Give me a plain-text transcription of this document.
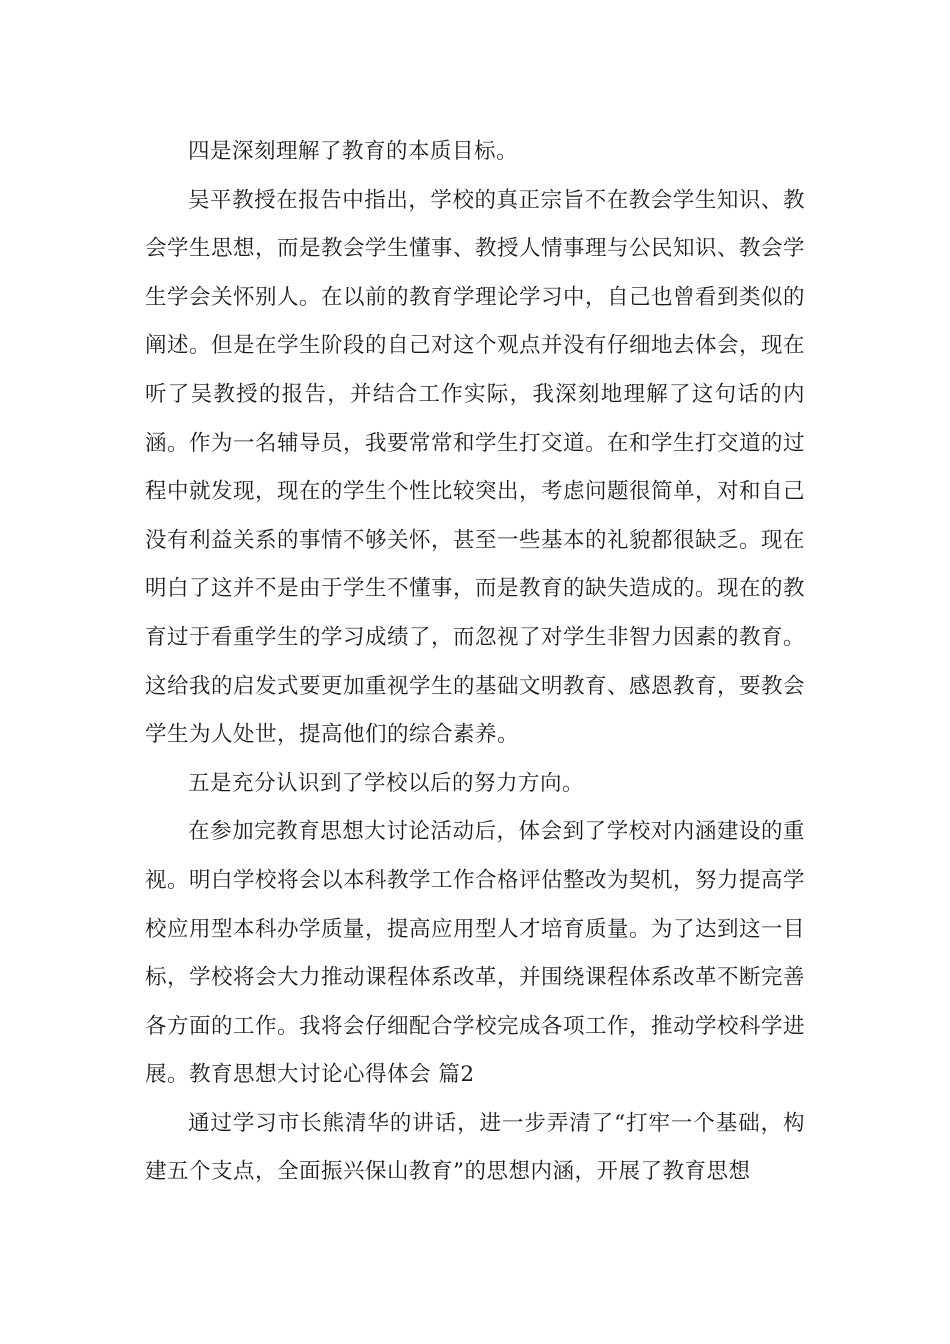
四是深刻理解了教育的本质目标。

吴平教授在报告中指出，学校的真正宗旨不在教会学生知识、教会学生思想，而是教会学生懂事、教授人情事理与公民知识、教会学生学会关怀别人。在以前的教育学理论学习中，自己也曾看到类似的阐述。但是在学生阶段的自己对这个观点并没有仔细地去体会，现在听了吴教授的报告，并结合工作实际，我深刻地理解了这句话的内涵。作为一名辅导员，我要常常和学生打交道。在和学生打交道的过程中就发现，现在的学生个性比较突出，考虑问题很简单，对和自己没有利益关系的事情不够关怀，甚至一些基本的礼貌都很缺乏。现在明白了这并不是由于学生不懂事，而是教育的缺失造成的。现在的教育过于看重学生的学习成绩了，而忽视了对学生非智力因素的教育。这给我的启发式要更加重视学生的基础文明教育、感恩教育，要教会学生为人处世，提高他们的综合素养。

五是充分认识到了学校以后的努力方向。

在参加完教育思想大讨论活动后，体会到了学校对内涵建设的重视。明白学校将会以本科教学工作合格评估整改为契机，努力提高学校应用型本科办学质量，提高应用型人才培育质量。为了达到这一目标，学校将会大力推动课程体系改革，并围绕课程体系改革不断完善各方面的工作。我将会仔细配合学校完成各项工作，推动学校科学进展。教育思想大讨论心得体会 篇2

通过学习市长熊清华的讲话，进一步弄清了“打牢一个基础，构建五个支点，全面振兴保山教育”的思想内涵，开展了教育思想
